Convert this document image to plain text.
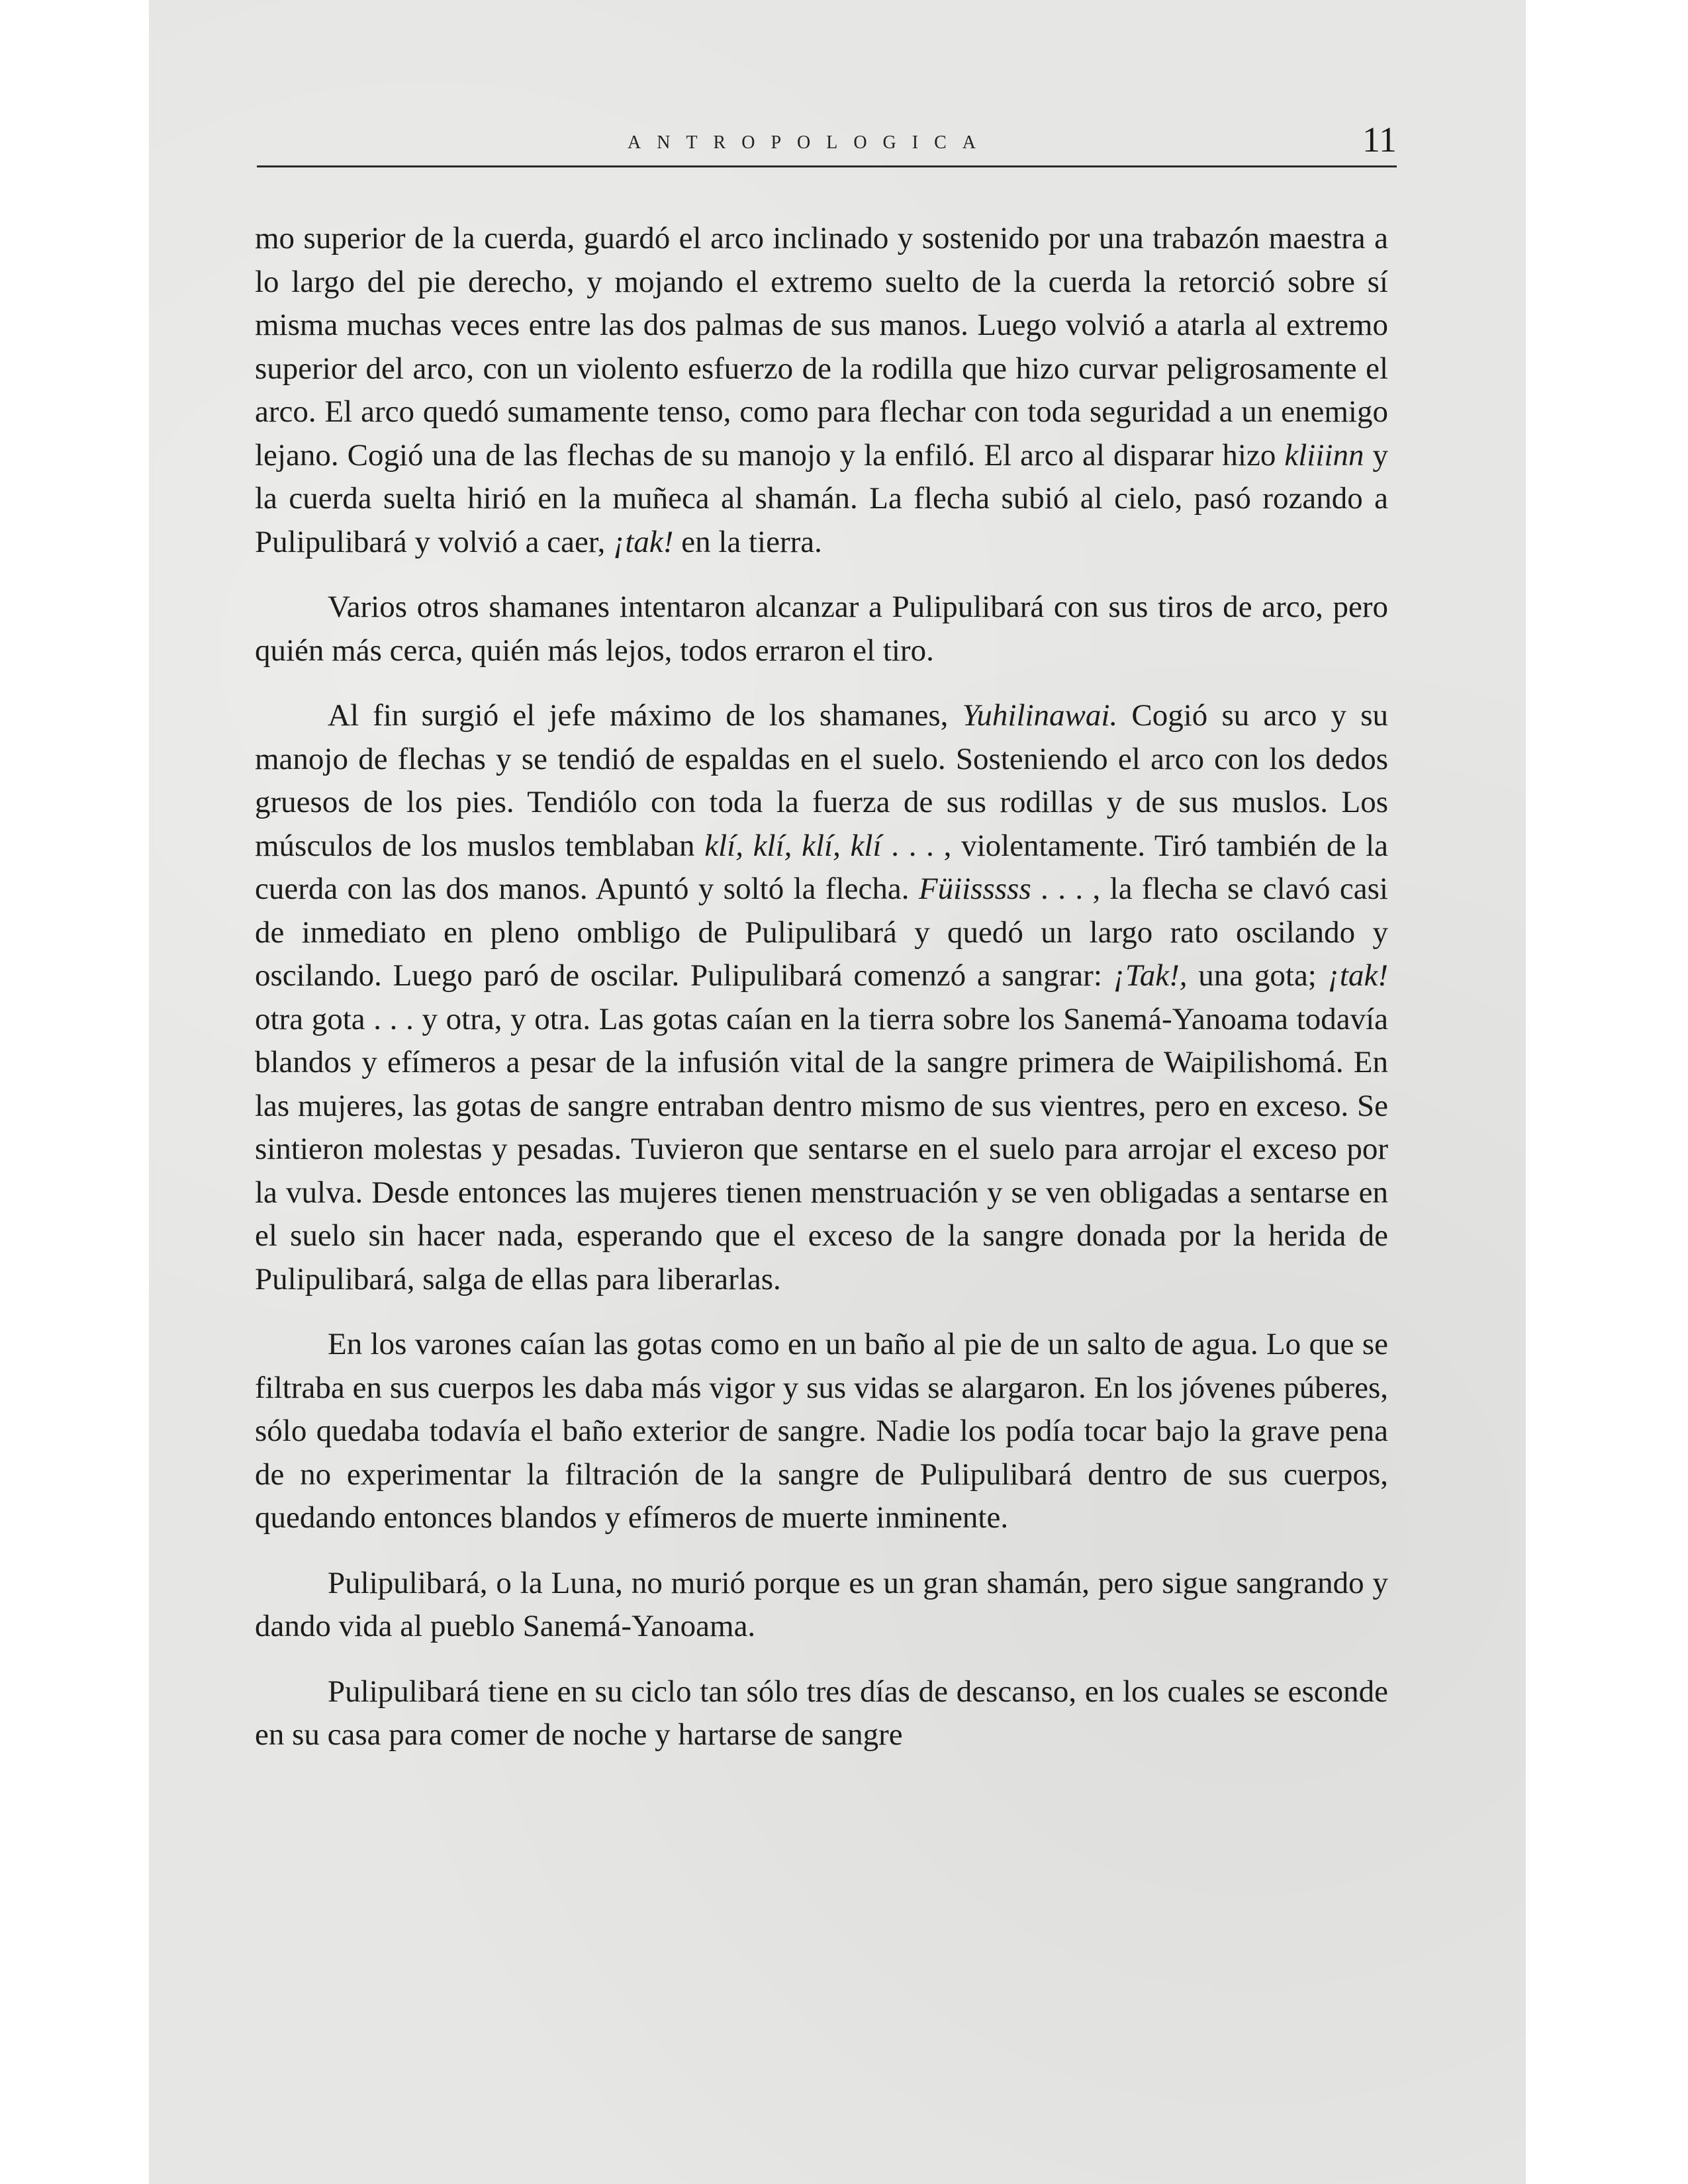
ANTROPOLOGICA	11

mo superior de la cuerda, guardó el arco inclinado y sostenido por una trabazón maestra a lo largo del pie derecho, y mojando el extremo suelto de la cuerda la retorció sobre sí misma muchas veces entre las dos palmas de sus manos. Luego volvió a atarla al extremo superior del arco, con un violento esfuerzo de la rodilla que hizo curvar peligrosamente el arco. El arco quedó sumamente tenso, como para flechar con toda seguridad a un enemigo lejano. Cogió una de las flechas de su manojo y la enfiló. El arco al disparar hizo kliiinn y la cuerda suelta hirió en la muñeca al shamán. La flecha subió al cielo, pasó rozando a Pulipulibará y volvió a caer, ¡tak! en la tierra.

Varios otros shamanes intentaron alcanzar a Pulipulibará con sus tiros de arco, pero quién más cerca, quién más lejos, todos erraron el tiro.

Al fin surgió el jefe máximo de los shamanes, Yuhilinawai. Cogió su arco y su manojo de flechas y se tendió de espaldas en el suelo. Sosteniendo el arco con los dedos gruesos de los pies. Tendiólo con toda la fuerza de sus rodillas y de sus muslos. Los músculos de los muslos temblaban klí, klí, klí, klí . . . , violentamente. Tiró también de la cuerda con las dos manos. Apuntó y soltó la flecha. Füiisssss . . . , la flecha se clavó casi de inmediato en pleno ombligo de Pulipulibará y quedó un largo rato oscilando y oscilando. Luego paró de oscilar. Pulipulibará comenzó a sangrar: ¡Tak!, una gota; ¡tak! otra gota . . . y otra, y otra. Las gotas caían en la tierra sobre los Sanemá-Yanoama todavía blandos y efímeros a pesar de la infusión vital de la sangre primera de Waipilishomá. En las mujeres, las gotas de sangre entraban dentro mismo de sus vientres, pero en exceso. Se sintieron molestas y pesadas. Tuvieron que sentarse en el suelo para arrojar el exceso por la vulva. Desde entonces las mujeres tienen menstruación y se ven obligadas a sentarse en el suelo sin hacer nada, esperando que el exceso de la sangre donada por la herida de Pulipulibará, salga de ellas para liberarlas.

En los varones caían las gotas como en un baño al pie de un salto de agua. Lo que se filtraba en sus cuerpos les daba más vigor y sus vidas se alargaron. En los jóvenes púberes, sólo quedaba todavía el baño exterior de sangre. Nadie los podía tocar bajo la grave pena de no experimentar la filtración de la sangre de Pulipulibará dentro de sus cuerpos, quedando entonces blandos y efímeros de muerte inminente.

Pulipulibará, o la Luna, no murió porque es un gran shamán, pero sigue sangrando y dando vida al pueblo Sanemá-Yanoama.

Pulipulibará tiene en su ciclo tan sólo tres días de descanso, en los cuales se esconde en su casa para comer de noche y hartarse de sangre
